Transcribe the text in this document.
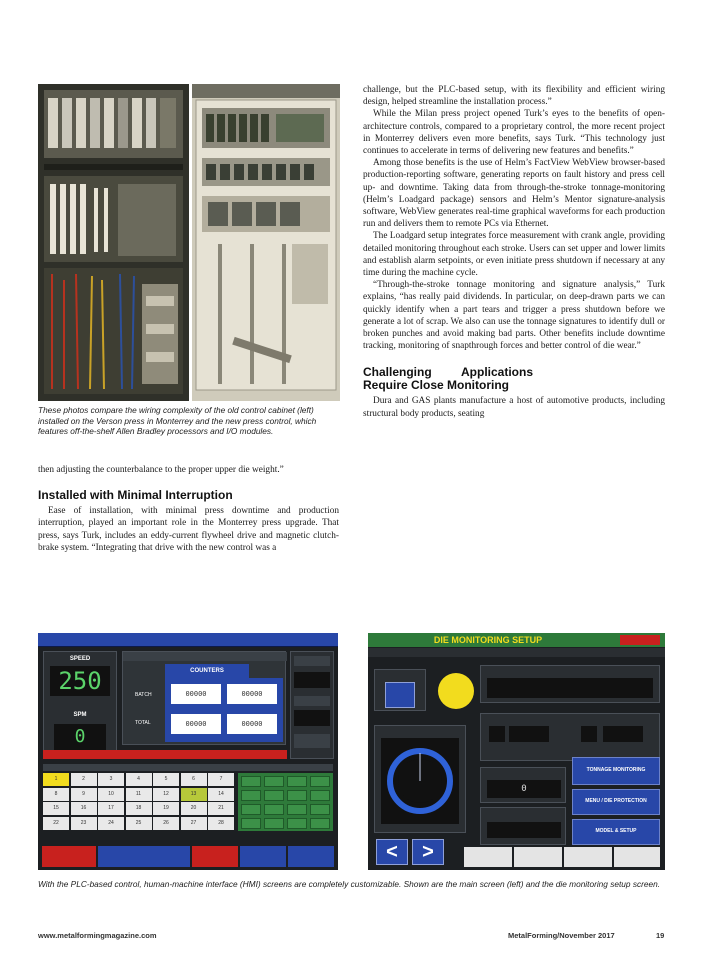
These photos compare the wiring complexity of the old control cabinet (left) installed on the Verson press in Monterrey and the new press control, which features off-the-shelf Allen Bradley processors and I/O modules.

then adjusting the counterbalance to the proper upper die weight.”

Installed with Minimal Interruption

Ease of installation, with minimal press downtime and production interruption, played an important role in the Monterrey press upgrade. That press, says Turk, includes an eddy-current flywheel drive and magnetic clutch-brake system. “Integrating that drive with the new control was a

challenge, but the PLC-based setup, with its flexibility and efficient wiring design, helped streamline the installation process.”

While the Milan press project opened Turk’s eyes to the benefits of open-architecture controls, compared to a proprietary control, the more recent project in Monterrey delivers even more benefits, says Turk. “This technology just continues to accelerate in terms of delivering new features and benefits.”

Among those benefits is the use of Helm’s FactView WebView browser-based production-reporting software, generating reports on fault history and press cell up- and downtime. Taking data from through-the-stroke tonnage-monitoring (Helm’s Loadgard package) sensors and Helm’s Mentor signature-analysis software, WebView generates real-time graphical waveforms for each production run and delivers them to remote PCs via Ethernet.

The Loadgard setup integrates force measurement with crank angle, providing detailed monitoring throughout each stroke. Users can set upper and lower limits and establish alarm setpoints, or even initiate press shutdown if necessary at any time during the machine cycle.

“Through-the-stroke tonnage monitoring and signature analysis,” Turk explains, “has really paid dividends. In particular, on deep-drawn parts we can quickly identify when a part tears and trigger a press shutdown before we generate a lot of scrap. We also can use the tonnage signatures to identify dull or broken punches and avoid making bad parts. Other benefits include downtime tracking, monitoring of snapthrough forces and better control of die wear.”

Challenging Applications Require Close Monitoring

Dura and GAS plants manufacture a host of automotive products, including structural body products, seating

SPEED
250
SPM
0
COUNTERS
BATCH
TOTAL
00000	00000
00000	00000
1	2	3	4	5	6	7
8	9	10	11	12	13	14
15	16	17	18	19	20	21
22	23	24	25	26	27	28
DIE MONITORING SETUP
0
TONNAGE MONITORING
MENU / DIE PROTECTION
MODEL & SETUP
<	>
With the PLC-based control, human-machine interface (HMI) screens are completely customizable. Shown are the main screen (left) and the die monitoring setup screen.
www.metalformingmagazine.com	MetalForming/November 2017	19
